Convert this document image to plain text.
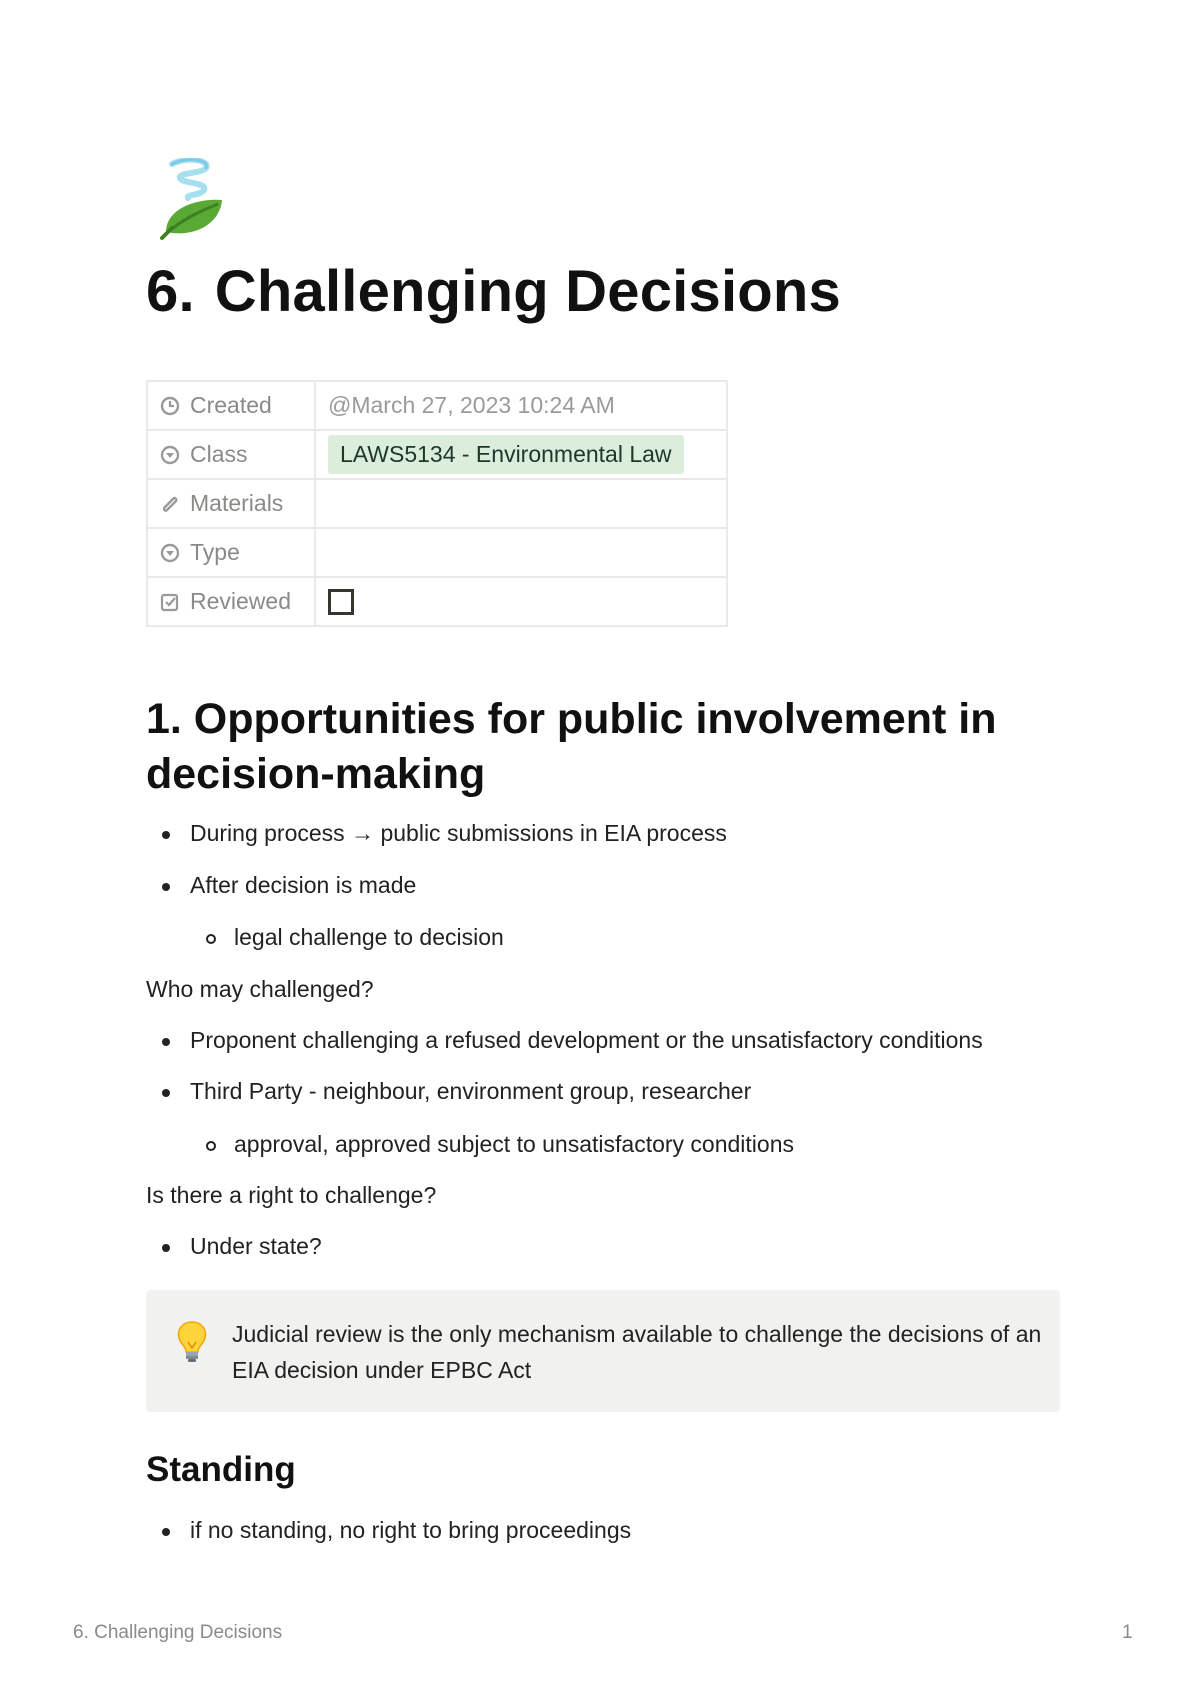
6. Challenging Decisions
Created	@March 27, 2023 10:24 AM
Class	LAWS5134 - Environmental Law
Materials	
Type	
Reviewed	
1. Opportunities for public involvement in decision-making
During process → public submissions in EIA process
After decision is made
legal challenge to decision
Who may challenged?
Proponent challenging a refused development or the unsatisfactory conditions
Third Party - neighbour, environment group, researcher
approval, approved subject to unsatisfactory conditions
Is there a right to challenge?
Under state?
Judicial review is the only mechanism available to challenge the decisions of an EIA decision under EPBC Act
Standing
if no standing, no right to bring proceedings
6. Challenging Decisions	1
